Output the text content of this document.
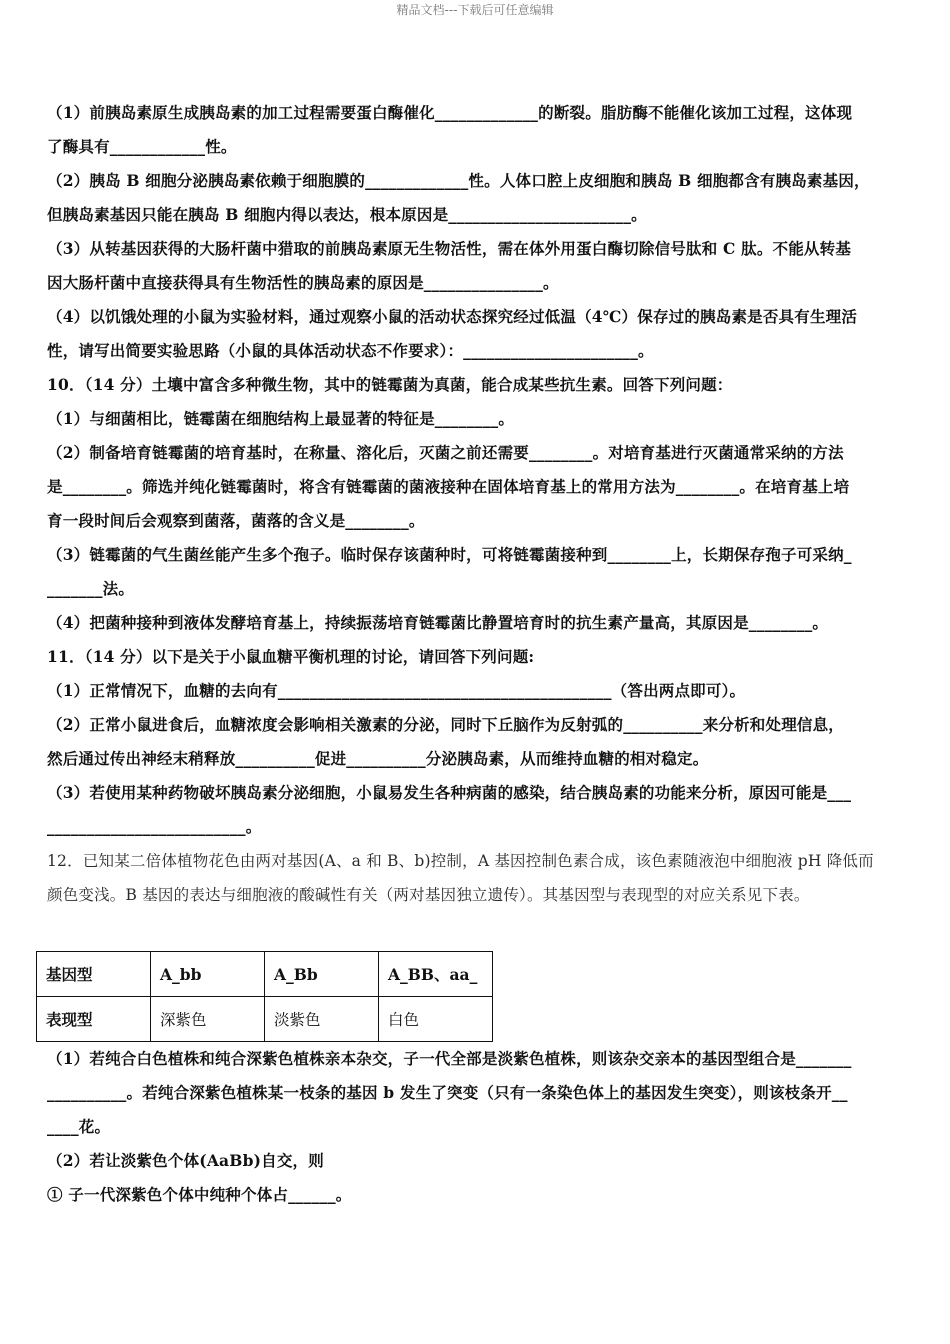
精品文档---下载后可任意编辑
（1）前胰岛素原生成胰岛素的加工过程需要蛋白酶催化_____________的断裂。脂肪酶不能催化该加工过程，这体现
了酶具有____________性。
（2）胰岛 B 细胞分泌胰岛素依赖于细胞膜的_____________性。人体口腔上皮细胞和胰岛 B 细胞都含有胰岛素基因，
但胰岛素基因只能在胰岛 B 细胞内得以表达，根本原因是_______________________。
（3）从转基因获得的大肠杆菌中猎取的前胰岛素原无生物活性，需在体外用蛋白酶切除信号肽和 C 肽。不能从转基
因大肠杆菌中直接获得具有生物活性的胰岛素的原因是_______________。
（4）以饥饿处理的小鼠为实验材料，通过观察小鼠的活动状态探究经过低温（4℃）保存过的胰岛素是否具有生理活
性，请写出简要实验思路（小鼠的具体活动状态不作要求）：______________________。
10．（14 分）土壤中富含多种微生物，其中的链霉菌为真菌，能合成某些抗生素。回答下列问题：
（1）与细菌相比，链霉菌在细胞结构上最显著的特征是________。
（2）制备培育链霉菌的培育基时，在称量、溶化后，灭菌之前还需要________。对培育基进行灭菌通常采纳的方法
是________。筛选并纯化链霉菌时，将含有链霉菌的菌液接种在固体培育基上的常用方法为________。在培育基上培
育一段时间后会观察到菌落，菌落的含义是________。
（3）链霉菌的气生菌丝能产生多个孢子。临时保存该菌种时，可将链霉菌接种到________上，长期保存孢子可采纳_
_______法。
（4）把菌种接种到液体发酵培育基上，持续振荡培育链霉菌比静置培育时的抗生素产量高，其原因是________。
11．（14 分）以下是关于小鼠血糖平衡机理的讨论，请回答下列问题:
（1）正常情况下，血糖的去向有__________________________________________（答出两点即可）。
（2）正常小鼠进食后，血糖浓度会影响相关激素的分泌，同时下丘脑作为反射弧的__________来分析和处理信息，
然后通过传出神经末稍释放__________促进__________分泌胰岛素，从而维持血糖的相对稳定。
（3）若使用某种药物破坏胰岛素分泌细胞，小鼠易发生各种病菌的感染，结合胰岛素的功能来分析，原因可能是___
_________________________。
12．已知某二倍体植物花色由两对基因(A、a 和 B、b)控制，A 基因控制色素合成，该色素随液泡中细胞液 pH 降低而
颜色变浅。B 基因的表达与细胞液的酸碱性有关（两对基因独立遗传）。其基因型与表现型的对应关系见下表。
基因型	A_bb	A_Bb	A_BB、aa_
表现型	深紫色	淡紫色	白色
（1）若纯合白色植株和纯合深紫色植株亲本杂交，子一代全部是淡紫色植株，则该杂交亲本的基因型组合是_______
__________。若纯合深紫色植株某一枝条的基因 b 发生了突变（只有一条染色体上的基因发生突变），则该枝条开__
____花。
（2）若让淡紫色个体(AaBb)自交，则
① 子一代深紫色个体中纯种个体占______。
